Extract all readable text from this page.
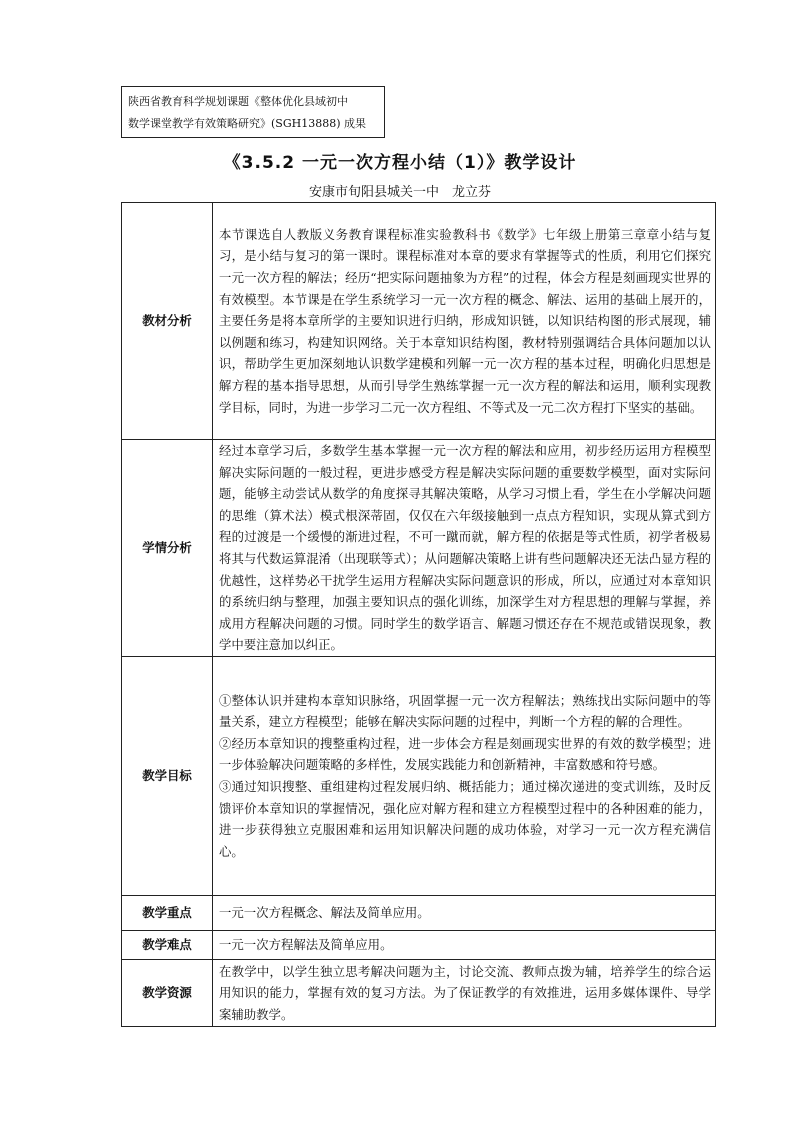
陕西省教育科学规划课题《整体优化县域初中
数学课堂教学有效策略研究》(SGH13888) 成果
《3.5.2 一元一次方程小结（1）》教学设计
安康市旬阳县城关一中　龙立芬
教材分析	本节课选自人教版义务教育课程标准实验教科书《数学》七年级上册第三章章小结与复习，是小结与复习的第一课时。课程标准对本章的要求有掌握等式的性质，利用它们探究一元一次方程的解法；经历“把实际问题抽象为方程”的过程，体会方程是刻画现实世界的有效模型。本节课是在学生系统学习一元一次方程的概念、解法、运用的基础上展开的，主要任务是将本章所学的主要知识进行归纳，形成知识链，以知识结构图的形式展现，辅以例题和练习，构建知识网络。关于本章知识结构图，教材特别强调结合具体问题加以认识，帮助学生更加深刻地认识数学建模和列解一元一次方程的基本过程，明确化归思想是解方程的基本指导思想，从而引导学生熟练掌握一元一次方程的解法和运用，顺利实现教学目标，同时，为进一步学习二元一次方程组、不等式及一元二次方程打下坚实的基础。

学情分析	经过本章学习后，多数学生基本掌握一元一次方程的解法和应用，初步经历运用方程模型解决实际问题的一般过程，更进步感受方程是解决实际问题的重要数学模型，面对实际问题，能够主动尝试从数学的角度探寻其解决策略，从学习习惯上看，学生在小学解决问题的思维（算术法）模式根深蒂固，仅仅在六年级接触到一点点方程知识，实现从算式到方程的过渡是一个缓慢的渐进过程，不可一蹴而就，解方程的依据是等式性质，初学者极易将其与代数运算混淆（出现联等式）；从问题解决策略上讲有些问题解决还无法凸显方程的优越性，这样势必干扰学生运用方程解决实际问题意识的形成，所以，应通过对本章知识的系统归纳与整理，加强主要知识点的强化训练，加深学生对方程思想的理解与掌握，养成用方程解决问题的习惯。同时学生的数学语言、解题习惯还存在不规范或错误现象，教学中要注意加以纠正。

教学目标	①整体认识并建构本章知识脉络，巩固掌握一元一次方程解法；熟练找出实际问题中的等量关系，建立方程模型；能够在解决实际问题的过程中，判断一个方程的解的合理性。
②经历本章知识的搜整重构过程，进一步体会方程是刻画现实世界的有效的数学模型；进一步体验解决问题策略的多样性，发展实践能力和创新精神，丰富数感和符号感。
③通过知识搜整、重组建构过程发展归纳、概括能力；通过梯次递进的变式训练，及时反馈评价本章知识的掌握情况，强化应对解方程和建立方程模型过程中的各种困难的能力，进一步获得独立克服困难和运用知识解决问题的成功体验，对学习一元一次方程充满信心。

教学重点	一元一次方程概念、解法及简单应用。

教学难点	一元一次方程解法及简单应用。

教学资源	在教学中，以学生独立思考解决问题为主，讨论交流、教师点拨为辅，培养学生的综合运用知识的能力，掌握有效的复习方法。为了保证教学的有效推进，运用多媒体课件、导学案辅助教学。
